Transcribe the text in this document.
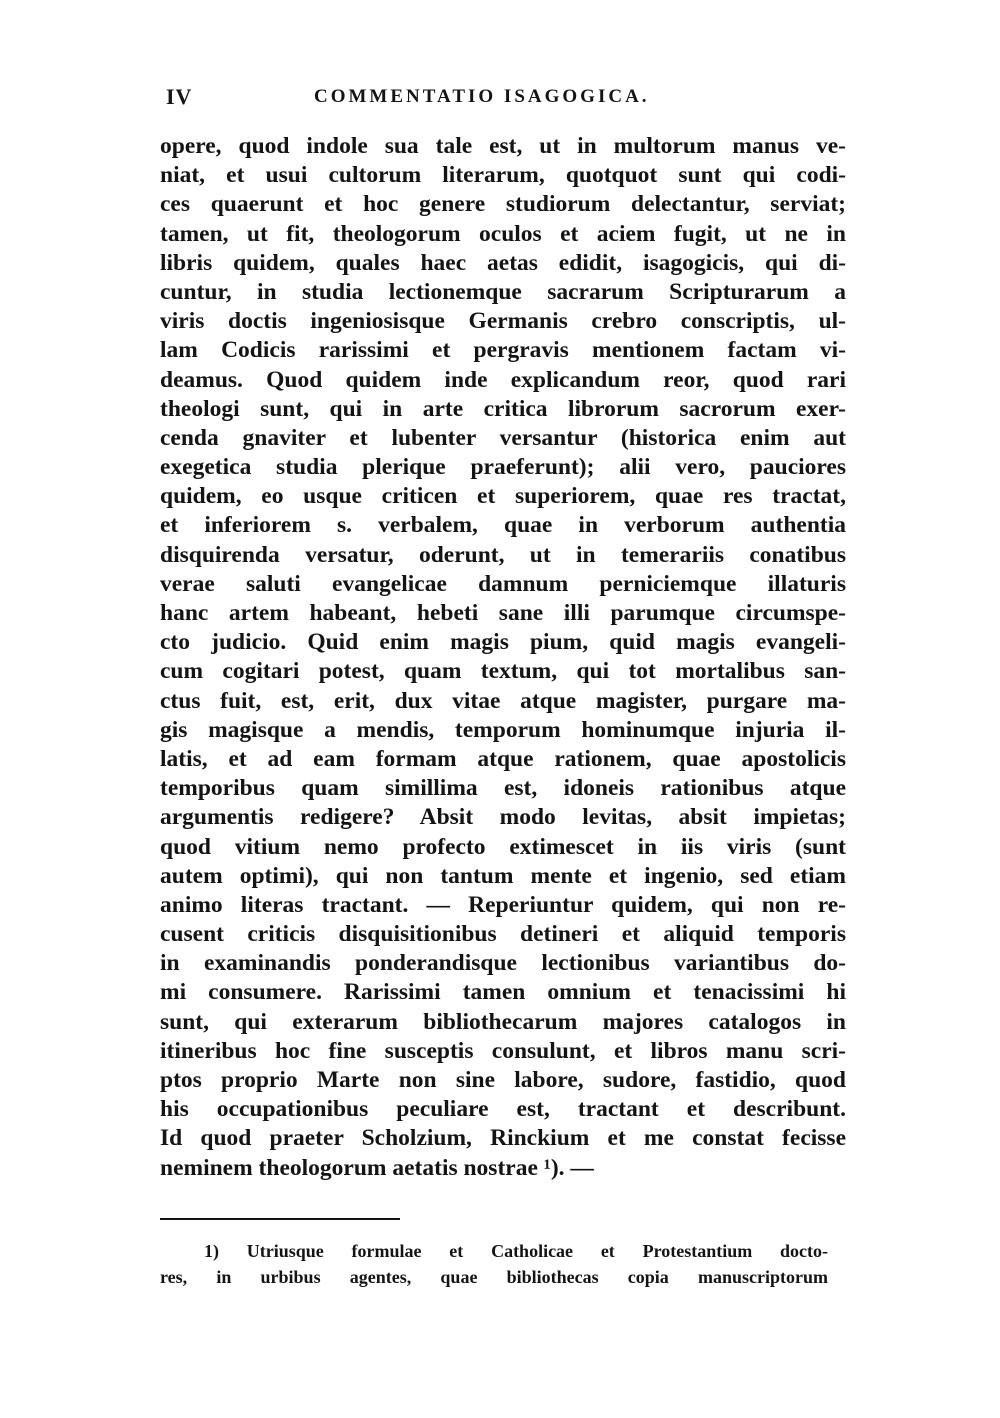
IV	COMMENTATIO ISAGOGICA.
opere, quod indole sua tale est, ut in multorum manus ve-
niat, et usui cultorum literarum, quotquot sunt qui codi-
ces quaerunt et hoc genere studiorum delectantur, serviat;
tamen, ut fit, theologorum oculos et aciem fugit, ut ne in
libris quidem, quales haec aetas edidit, isagogicis, qui di-
cuntur, in studia lectionemque sacrarum Scripturarum a
viris doctis ingeniosisque Germanis crebro conscriptis, ul-
lam Codicis rarissimi et pergravis mentionem factam vi-
deamus. Quod quidem inde explicandum reor, quod rari
theologi sunt, qui in arte critica librorum sacrorum exer-
cenda gnaviter et lubenter versantur (historica enim aut
exegetica studia plerique praeferunt); alii vero, pauciores
quidem, eo usque criticen et superiorem, quae res tractat,
et inferiorem s. verbalem, quae in verborum authentia
disquirenda versatur, oderunt, ut in temerariis conatibus
verae saluti evangelicae damnum perniciemque illaturis
hanc artem habeant, hebeti sane illi parumque circumspe-
cto judicio. Quid enim magis pium, quid magis evangeli-
cum cogitari potest, quam textum, qui tot mortalibus san-
ctus fuit, est, erit, dux vitae atque magister, purgare ma-
gis magisque a mendis, temporum hominumque injuria il-
latis, et ad eam formam atque rationem, quae apostolicis
temporibus quam simillima est, idoneis rationibus atque
argumentis redigere? Absit modo levitas, absit impietas;
quod vitium nemo profecto extimescet in iis viris (sunt
autem optimi), qui non tantum mente et ingenio, sed etiam
animo literas tractant. — Reperiuntur quidem, qui non re-
cusent criticis disquisitionibus detineri et aliquid temporis
in examinandis ponderandisque lectionibus variantibus do-
mi consumere. Rarissimi tamen omnium et tenacissimi hi
sunt, qui exterarum bibliothecarum majores catalogos in
itineribus hoc fine susceptis consulunt, et libros manu scri-
ptos proprio Marte non sine labore, sudore, fastidio, quod
his occupationibus peculiare est, tractant et describunt.
Id quod praeter Scholzium, Rinckium et me constat fecisse
neminem theologorum aetatis nostrae ¹). —
1) Utriusque formulae et Catholicae et Protestantium docto-
res, in urbibus agentes, quae bibliothecas copia manuscriptorum
